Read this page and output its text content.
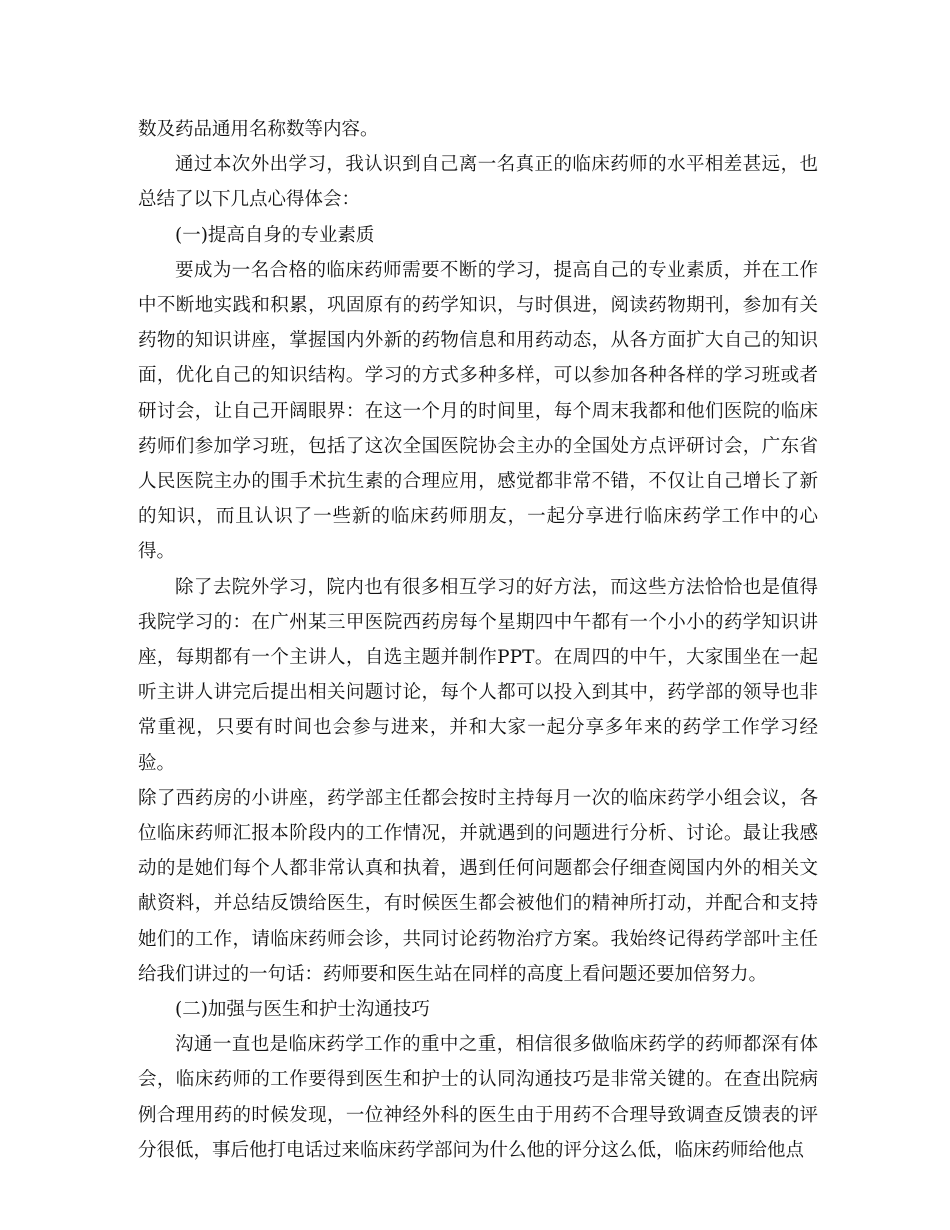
数及药品通用名称数等内容。

通过本次外出学习，我认识到自己离一名真正的临床药师的水平相差甚远，也总结了以下几点心得体会：

(一)提高自身的专业素质

要成为一名合格的临床药师需要不断的学习，提高自己的专业素质，并在工作中不断地实践和积累，巩固原有的药学知识，与时俱进，阅读药物期刊，参加有关药物的知识讲座，掌握国内外新的药物信息和用药动态，从各方面扩大自己的知识面，优化自己的知识结构。学习的方式多种多样，可以参加各种各样的学习班或者研讨会，让自己开阔眼界：在这一个月的时间里，每个周末我都和他们医院的临床药师们参加学习班，包括了这次全国医院协会主办的全国处方点评研讨会，广东省人民医院主办的围手术抗生素的合理应用，感觉都非常不错，不仅让自己增长了新的知识，而且认识了一些新的临床药师朋友，一起分享进行临床药学工作中的心得。

除了去院外学习，院内也有很多相互学习的好方法，而这些方法恰恰也是值得我院学习的：在广州某三甲医院西药房每个星期四中午都有一个小小的药学知识讲座，每期都有一个主讲人，自选主题并制作PPT。在周四的中午，大家围坐在一起听主讲人讲完后提出相关问题讨论，每个人都可以投入到其中，药学部的领导也非常重视，只要有时间也会参与进来，并和大家一起分享多年来的药学工作学习经验。

除了西药房的小讲座，药学部主任都会按时主持每月一次的临床药学小组会议，各位临床药师汇报本阶段内的工作情况，并就遇到的问题进行分析、讨论。最让我感动的是她们每个人都非常认真和执着，遇到任何问题都会仔细查阅国内外的相关文献资料，并总结反馈给医生，有时候医生都会被他们的精神所打动，并配合和支持她们的工作，请临床药师会诊，共同讨论药物治疗方案。我始终记得药学部叶主任给我们讲过的一句话：药师要和医生站在同样的高度上看问题还要加倍努力。

(二)加强与医生和护士沟通技巧

沟通一直也是临床药学工作的重中之重，相信很多做临床药学的药师都深有体会，临床药师的工作要得到医生和护士的认同沟通技巧是非常关键的。在查出院病例合理用药的时候发现，一位神经外科的医生由于用药不合理导致调查反馈表的评分很低，事后他打电话过来临床药学部问为什么他的评分这么低，临床药师给他点
